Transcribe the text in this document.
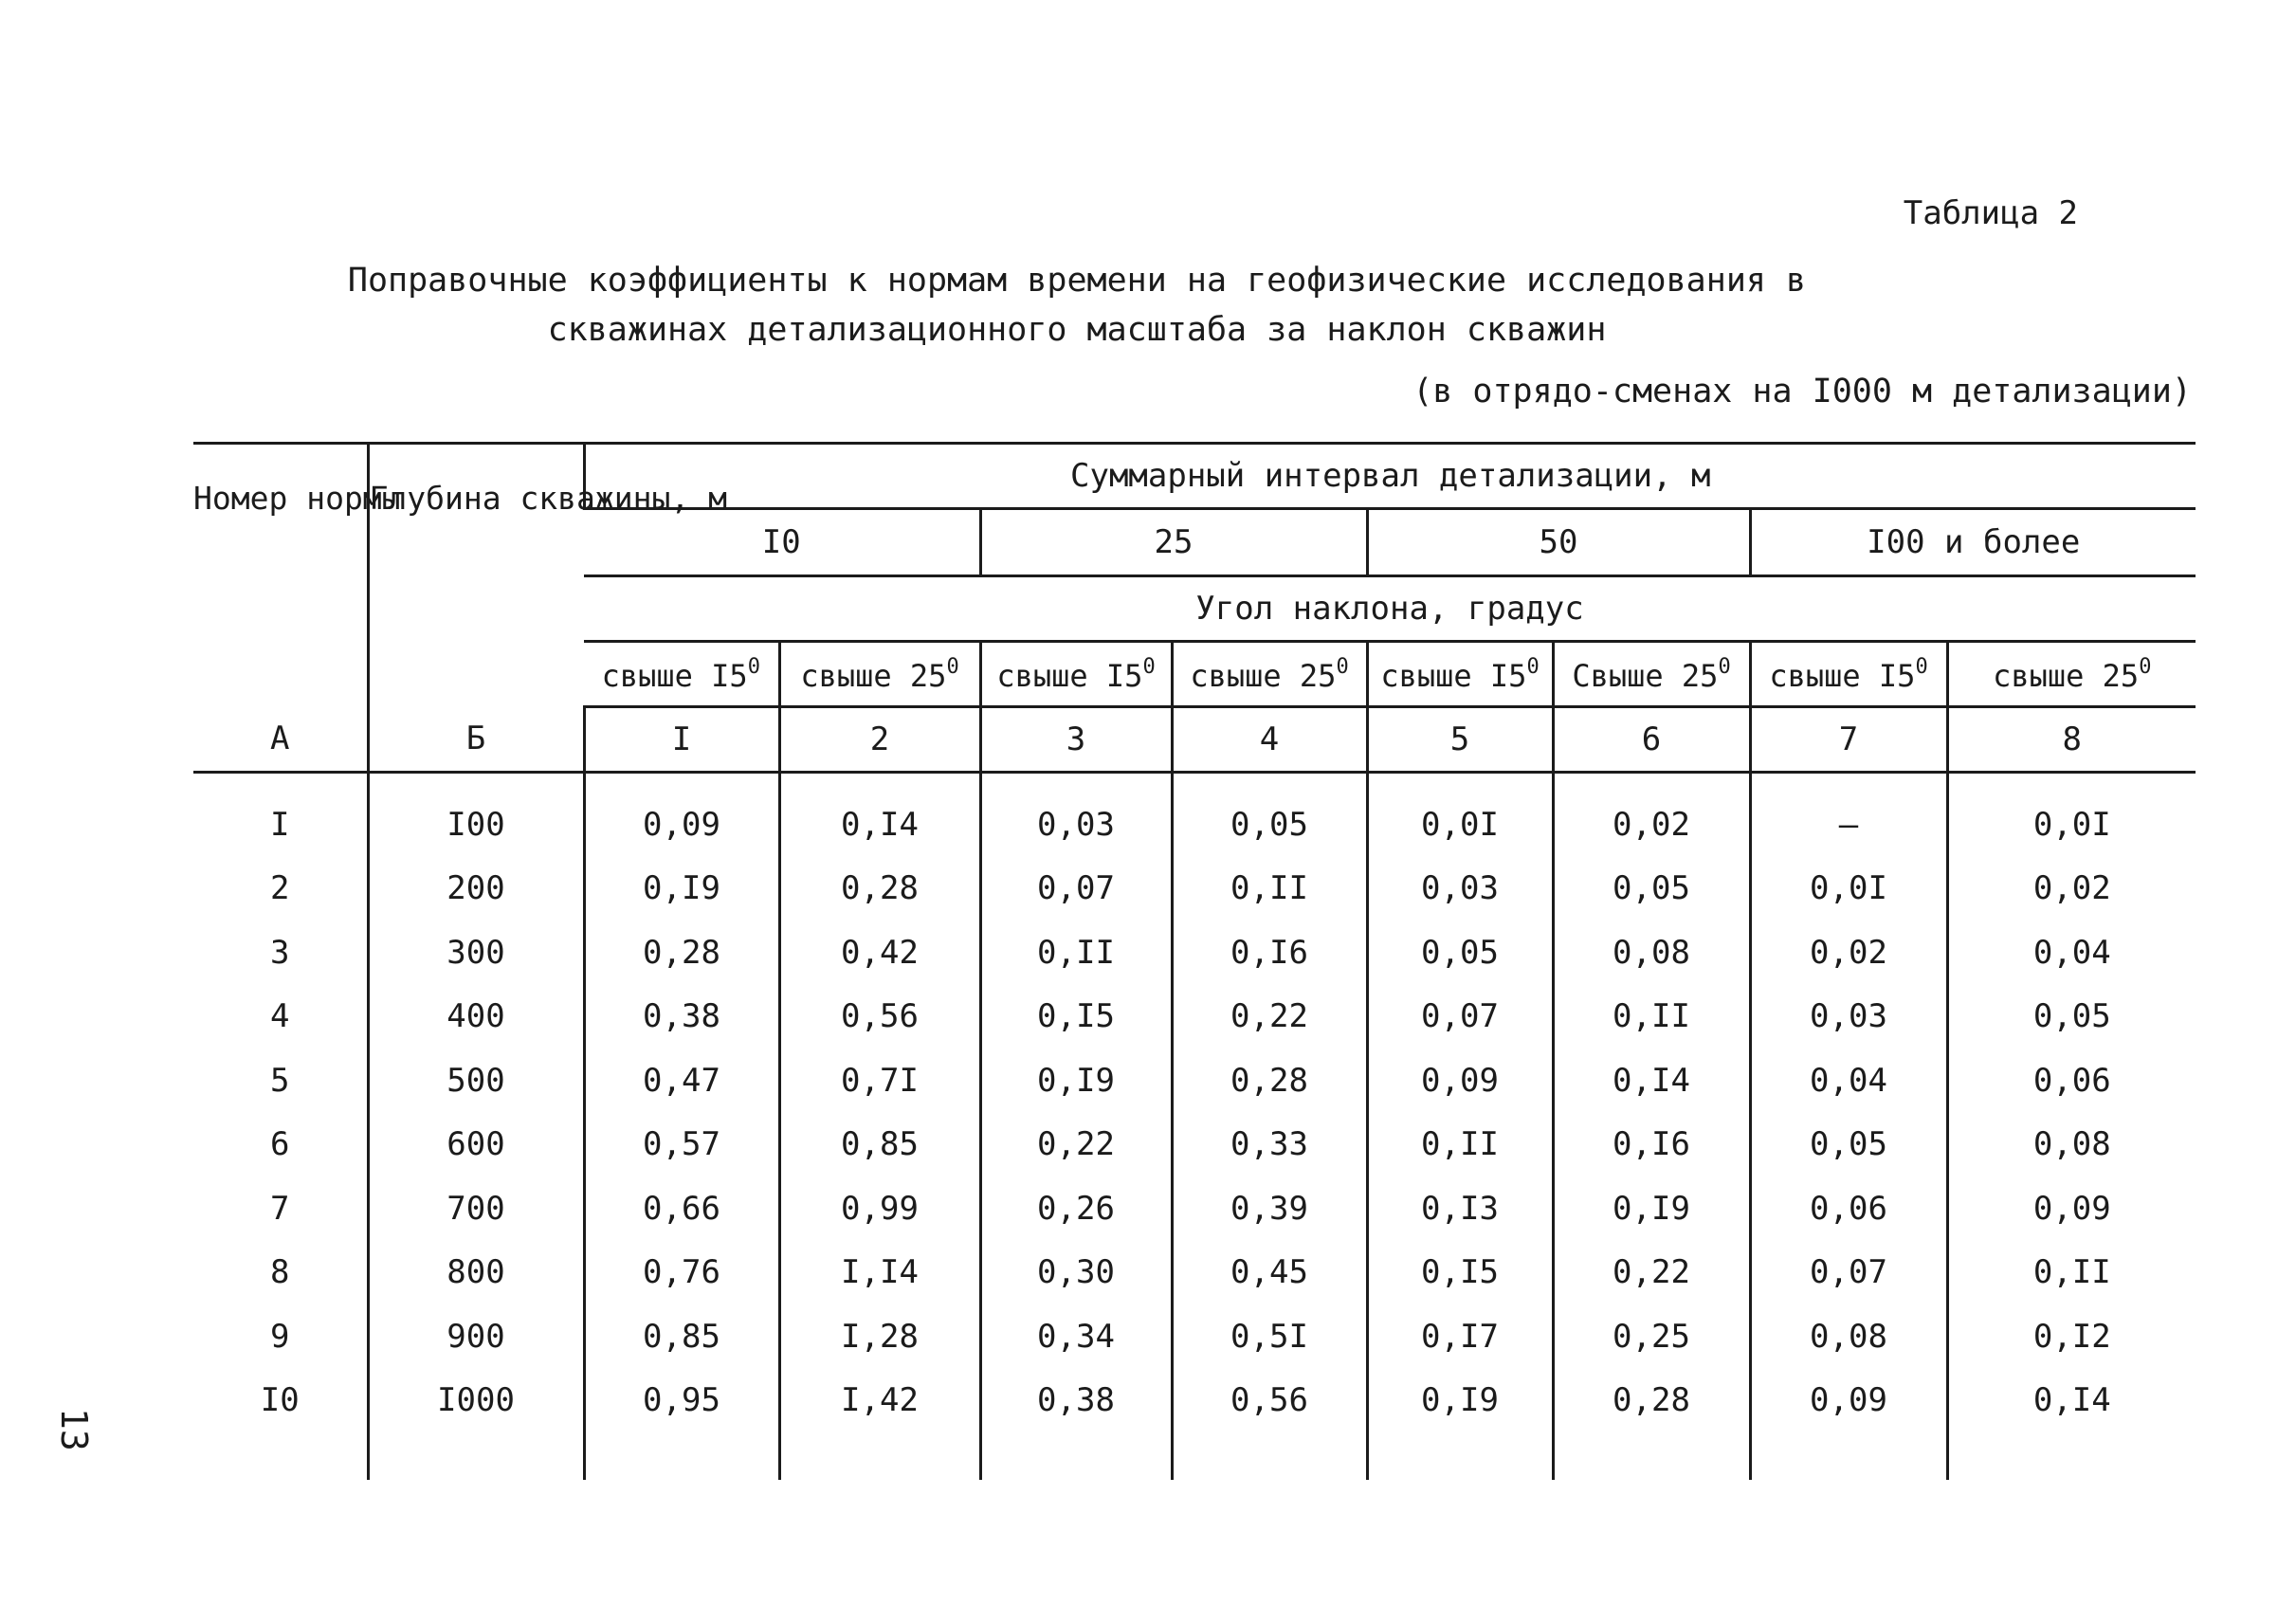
Таблица 2
Поправочные коэффициенты к нормам времени на геофизические исследования в
скважинах детализационного масштаба за наклон скважин
(в отрядо-сменах на I000 м детализации)
13
Номер нормы	Глубина скважины, м	Суммарный интервал детализации, м							
		I0		25		50		I00 и более	
		Угол наклона, градус							
		свыше $I5^0$	свыше $25^0$	свыше $I5^0$	свыше $25^0$	свыше $I5^0$	Свыше $25^0$	свыше $I5^0$	свыше $25^0$
А	Б	I	2	3	4	5	6	7	8
I	I00	0,09	0,I4	0,03	0,05	0,0I	0,02	–	0,0I
2	200	0,I9	0,28	0,07	0,II	0,03	0,05	0,0I	0,02
3	300	0,28	0,42	0,II	0,I6	0,05	0,08	0,02	0,04
4	400	0,38	0,56	0,I5	0,22	0,07	0,II	0,03	0,05
5	500	0,47	0,7I	0,I9	0,28	0,09	0,I4	0,04	0,06
6	600	0,57	0,85	0,22	0,33	0,II	0,I6	0,05	0,08
7	700	0,66	0,99	0,26	0,39	0,I3	0,I9	0,06	0,09
8	800	0,76	I,I4	0,30	0,45	0,I5	0,22	0,07	0,II
9	900	0,85	I,28	0,34	0,5I	0,I7	0,25	0,08	0,I2
I0	I000	0,95	I,42	0,38	0,56	0,I9	0,28	0,09	0,I4
